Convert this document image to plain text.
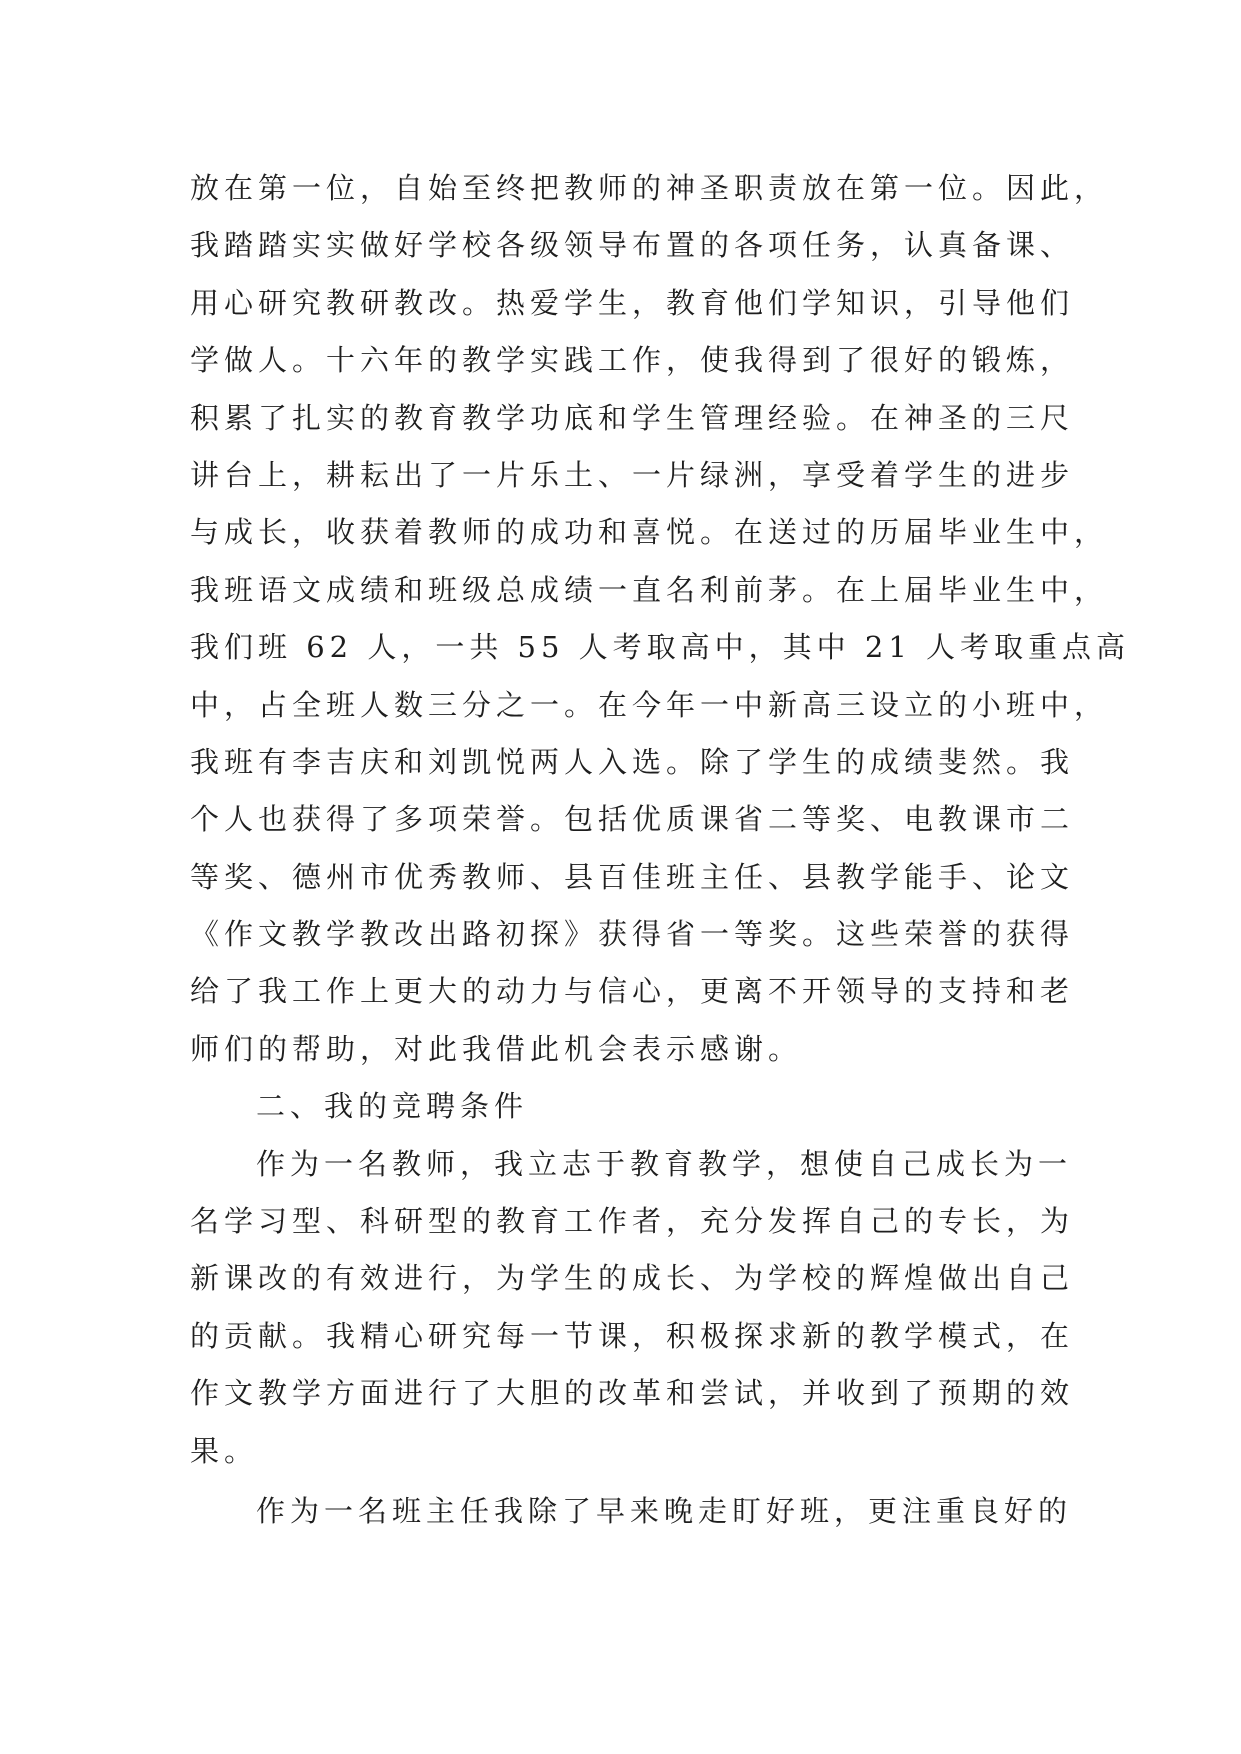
放在第一位，自始至终把教师的神圣职责放在第一位。因此，
我踏踏实实做好学校各级领导布置的各项任务，认真备课、
用心研究教研教改。热爱学生，教育他们学知识，引导他们
学做人。十六年的教学实践工作，使我得到了很好的锻炼，
积累了扎实的教育教学功底和学生管理经验。在神圣的三尺
讲台上，耕耘出了一片乐土、一片绿洲，享受着学生的进步
与成长，收获着教师的成功和喜悦。在送过的历届毕业生中，
我班语文成绩和班级总成绩一直名利前茅。在上届毕业生中，
我们班 62 人，一共 55 人考取高中，其中 21 人考取重点高
中，占全班人数三分之一。在今年一中新高三设立的小班中，
我班有李吉庆和刘凯悦两人入选。除了学生的成绩斐然。我
个人也获得了多项荣誉。包括优质课省二等奖、电教课市二
等奖、德州市优秀教师、县百佳班主任、县教学能手、论文
《作文教学教改出路初探》获得省一等奖。这些荣誉的获得
给了我工作上更大的动力与信心，更离不开领导的支持和老
师们的帮助，对此我借此机会表示感谢。
二、我的竞聘条件
作为一名教师，我立志于教育教学，想使自己成长为一
名学习型、科研型的教育工作者，充分发挥自己的专长，为
新课改的有效进行，为学生的成长、为学校的辉煌做出自己
的贡献。我精心研究每一节课，积极探求新的教学模式，在
作文教学方面进行了大胆的改革和尝试，并收到了预期的效
果。
作为一名班主任我除了早来晚走盯好班，更注重良好的
